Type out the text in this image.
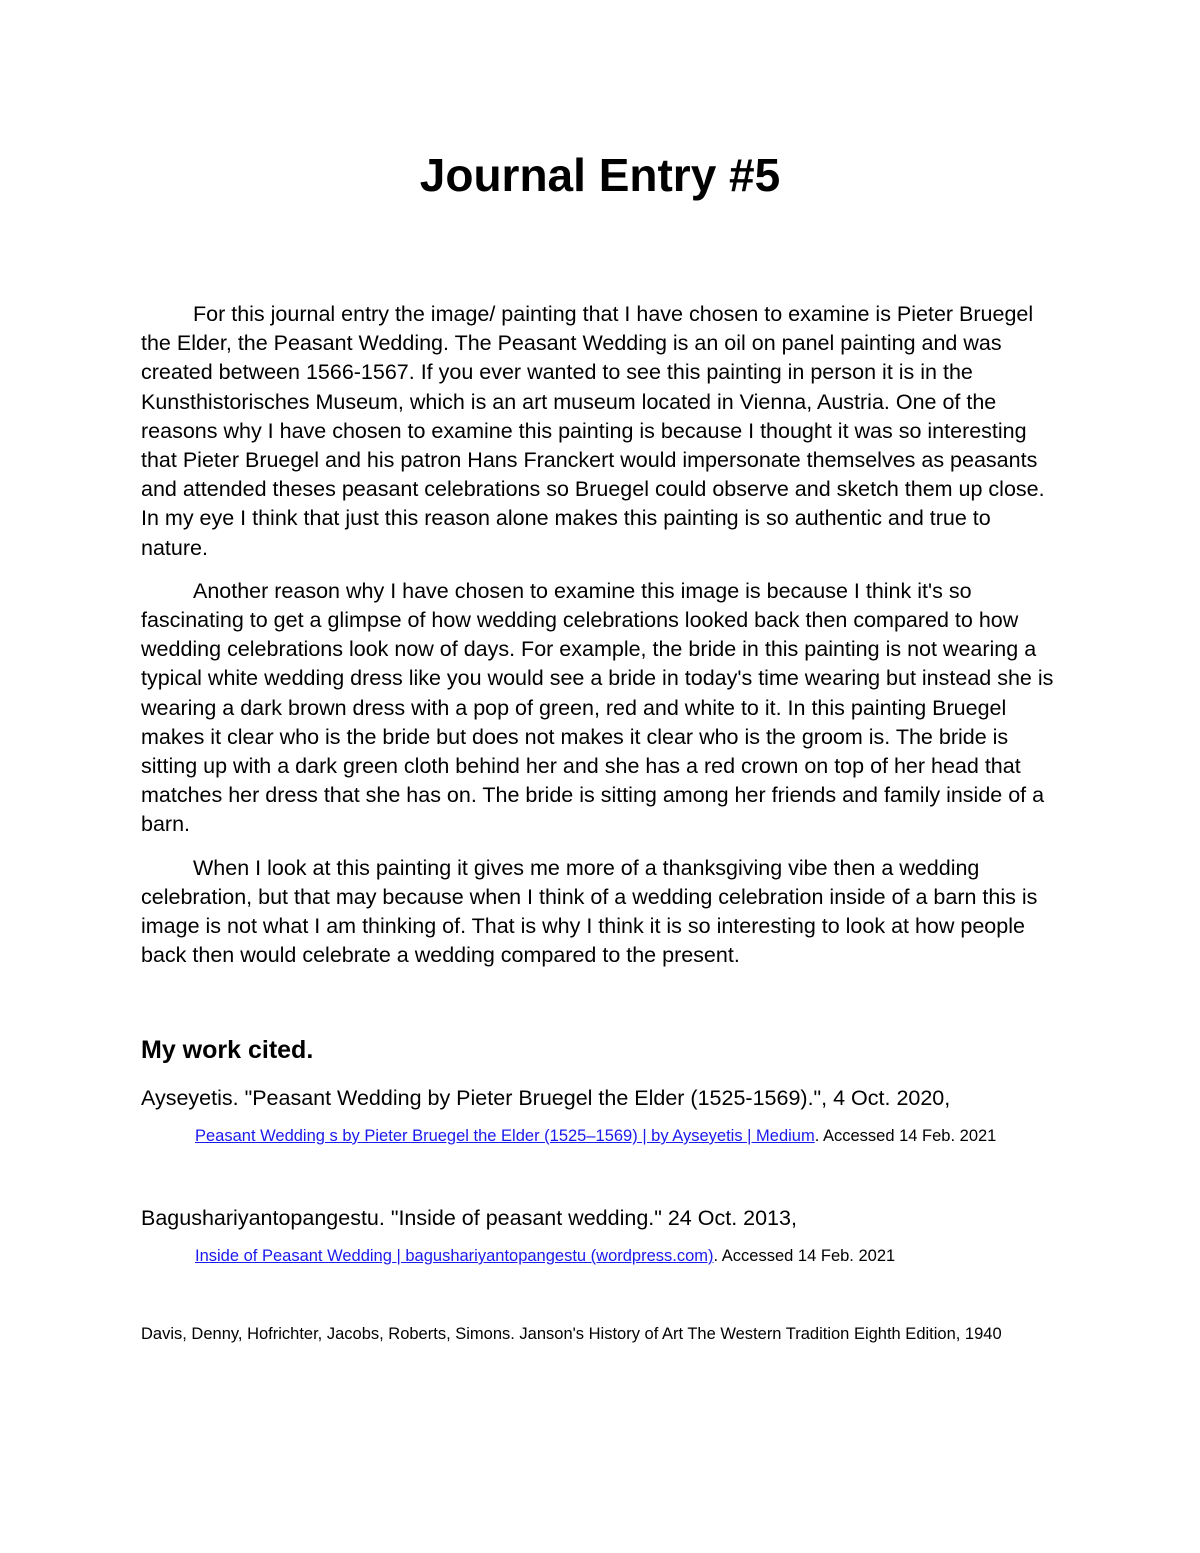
Journal Entry #5

For this journal entry the image/ painting that I have chosen to examine is Pieter Bruegel the Elder, the Peasant Wedding. The Peasant Wedding is an oil on panel painting and was created between 1566-1567. If you ever wanted to see this painting in person it is in the Kunsthistorisches Museum, which is an art museum located in Vienna, Austria. One of the reasons why I have chosen to examine this painting is because I thought it was so interesting that Pieter Bruegel and his patron Hans Franckert would impersonate themselves as peasants and attended theses peasant celebrations so Bruegel could observe and sketch them up close. In my eye I think that just this reason alone makes this painting is so authentic and true to nature.

Another reason why I have chosen to examine this image is because I think it's so fascinating to get a glimpse of how wedding celebrations looked back then compared to how wedding celebrations look now of days. For example, the bride in this painting is not wearing a typical white wedding dress like you would see a bride in today's time wearing but instead she is wearing a dark brown dress with a pop of green, red and white to it. In this painting Bruegel makes it clear who is the bride but does not makes it clear who is the groom is. The bride is sitting up with a dark green cloth behind her and she has a red crown on top of her head that matches her dress that she has on. The bride is sitting among her friends and family inside of a barn.

When I look at this painting it gives me more of a thanksgiving vibe then a wedding celebration, but that may because when I think of a wedding celebration inside of a barn this is image is not what I am thinking of. That is why I think it is so interesting to look at how people back then would celebrate a wedding compared to the present.

My work cited.

Ayseyetis. "Peasant Wedding by Pieter Bruegel the Elder (1525-1569).", 4 Oct. 2020,

Peasant Wedding s by Pieter Bruegel the Elder (1525–1569) | by Ayseyetis | Medium. Accessed 14 Feb. 2021

Bagushariyantopangestu. "Inside of peasant wedding." 24 Oct. 2013,

Inside of Peasant Wedding | bagushariyantopangestu (wordpress.com). Accessed 14 Feb. 2021

Davis, Denny, Hofrichter, Jacobs, Roberts, Simons. Janson's History of Art The Western Tradition Eighth Edition, 1940
